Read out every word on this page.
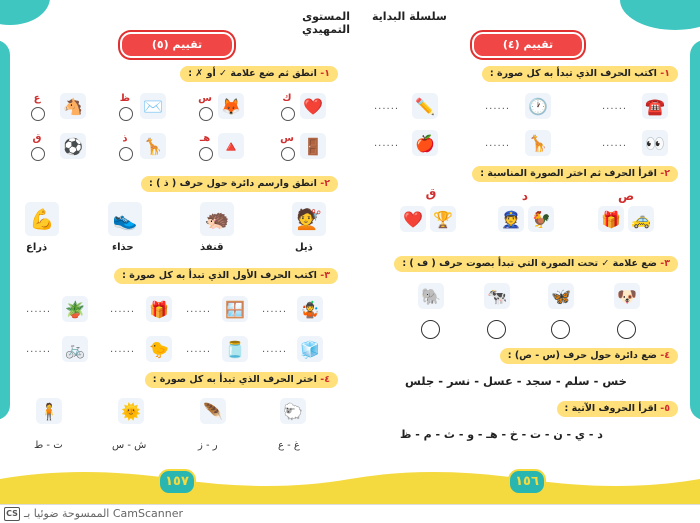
المستوى التمهيدي
تقييم (٥)
١- انطق ثم ضع علامة ✓ أو ✗ :
❤️
ك
🦊
س
✉️
ظ
🐴
ع
🚪
س
🔺
هـ
🦒
ذ
⚽
ق
٢- انطق وارسم دائرة حول حرف ( ذ ) :
💇
ذيل
🦔
قنفذ
👟
حذاء
💪
ذراع
٣- اكتب الحرف الأول الذي تبدأ به كل صورة :
🤹
......
🪟
......
🎁
......
🪴
......
🧊
......
🫙
......
🐤
......
🚲
......
٤- اختر الحرف الذي تبدأ به كل صورة :
🐑
غ - ع
🪶
ر - ز
🌞
ش - س
🧍
ت - ط
١٥٧
سلسلة البداية
تقييم (٤)
١- اكتب الحرف الذي تبدأ به كل صورة :
☎️
......
🕐
......
✏️
......
👀
......
🦒
......
🍎
......
٢- اقرأ الحرف ثم اختر الصورة المناسبة :
ص
🎁 🚕
د
👮 🐓
ق
❤️ 🏆
٣- ضع علامة ✓ تحت الصورة التي تبدأ بصوت حرف ( ف ) :
🐶
🦋
🐄
🐘
٤- ضع دائرة حول حرف (س - ص) :
خس - سلم - سجد - عسل - نسر - جلس
٥- اقرأ الحروف الآتية :
د - ي - ن - ت - خ - هـ - و - ث - م - ظ
١٥٦
CS الممسوحة ضوئيا بـ CamScanner
